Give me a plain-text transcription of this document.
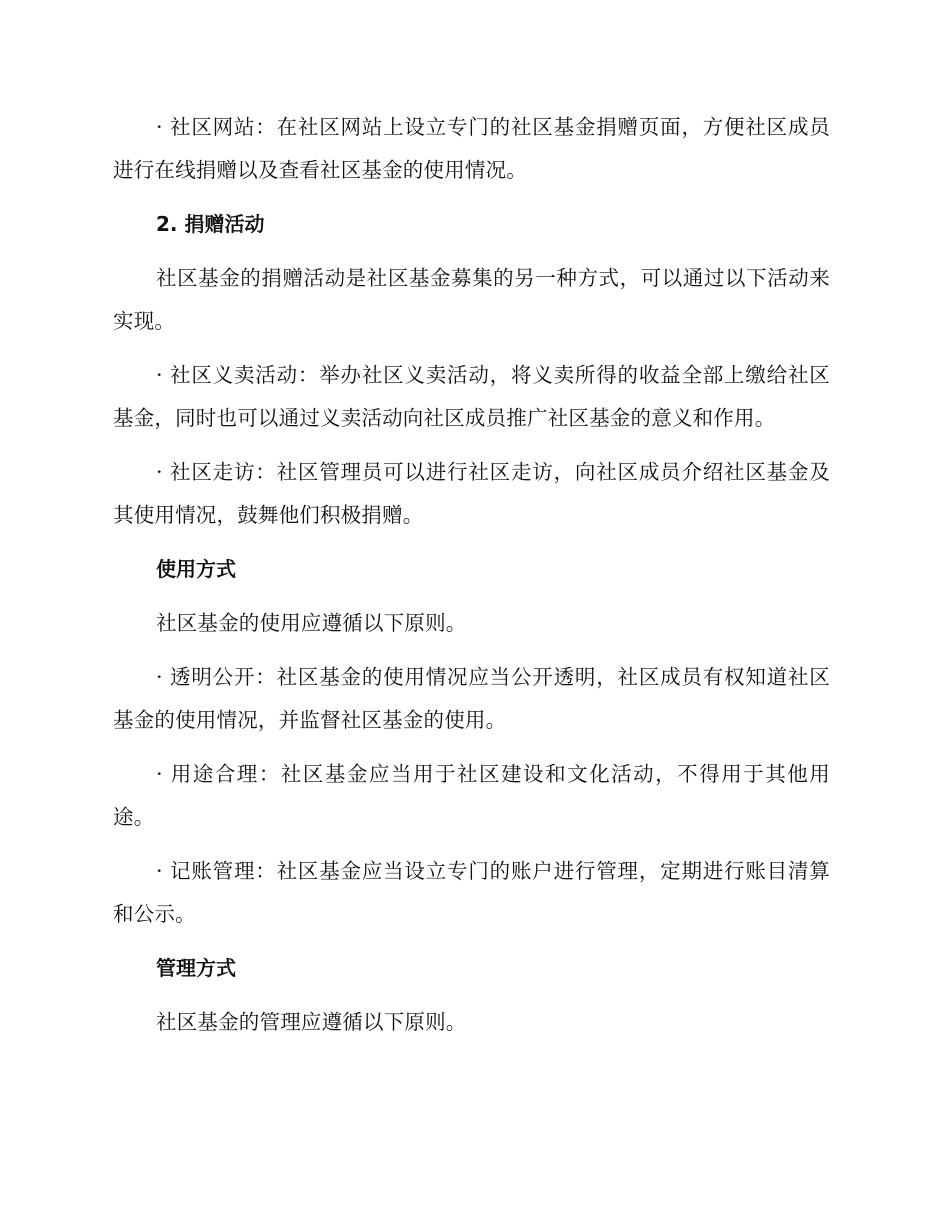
· 社区网站：在社区网站上设立专门的社区基金捐赠页面，方便社区成员进行在线捐赠以及查看社区基金的使用情况。

2. 捐赠活动

社区基金的捐赠活动是社区基金募集的另一种方式，可以通过以下活动来实现。

· 社区义卖活动：举办社区义卖活动，将义卖所得的收益全部上缴给社区基金，同时也可以通过义卖活动向社区成员推广社区基金的意义和作用。

· 社区走访：社区管理员可以进行社区走访，向社区成员介绍社区基金及其使用情况，鼓舞他们积极捐赠。

使用方式

社区基金的使用应遵循以下原则。

· 透明公开：社区基金的使用情况应当公开透明，社区成员有权知道社区基金的使用情况，并监督社区基金的使用。

· 用途合理：社区基金应当用于社区建设和文化活动，不得用于其他用途。

· 记账管理：社区基金应当设立专门的账户进行管理，定期进行账目清算和公示。

管理方式

社区基金的管理应遵循以下原则。
